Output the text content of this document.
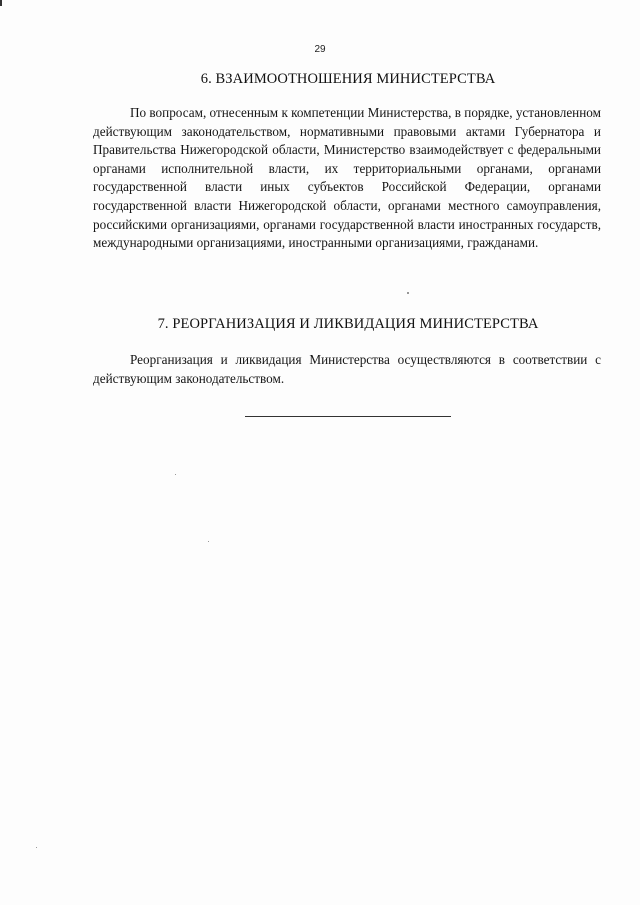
29
6. ВЗАИМООТНОШЕНИЯ МИНИСТЕРСТВА
По вопросам, отнесенным к компетенции Министерства, в порядке, установленном действующим законодательством, нормативными правовыми актами Губернатора и Правительства Нижегородской области, Министерство взаимодействует с федеральными органами исполнительной власти, их территориальными органами, органами государственной власти иных субъектов Российской Федерации, органами государственной власти Нижегородской области, органами местного самоуправления, российскими организациями, органами государственной власти иностранных государств, международными организациями, иностранными организациями, гражданами.
7. РЕОРГАНИЗАЦИЯ И ЛИКВИДАЦИЯ МИНИСТЕРСТВА
Реорганизация и ликвидация Министерства осуществляются в соответствии с действующим законодательством.
